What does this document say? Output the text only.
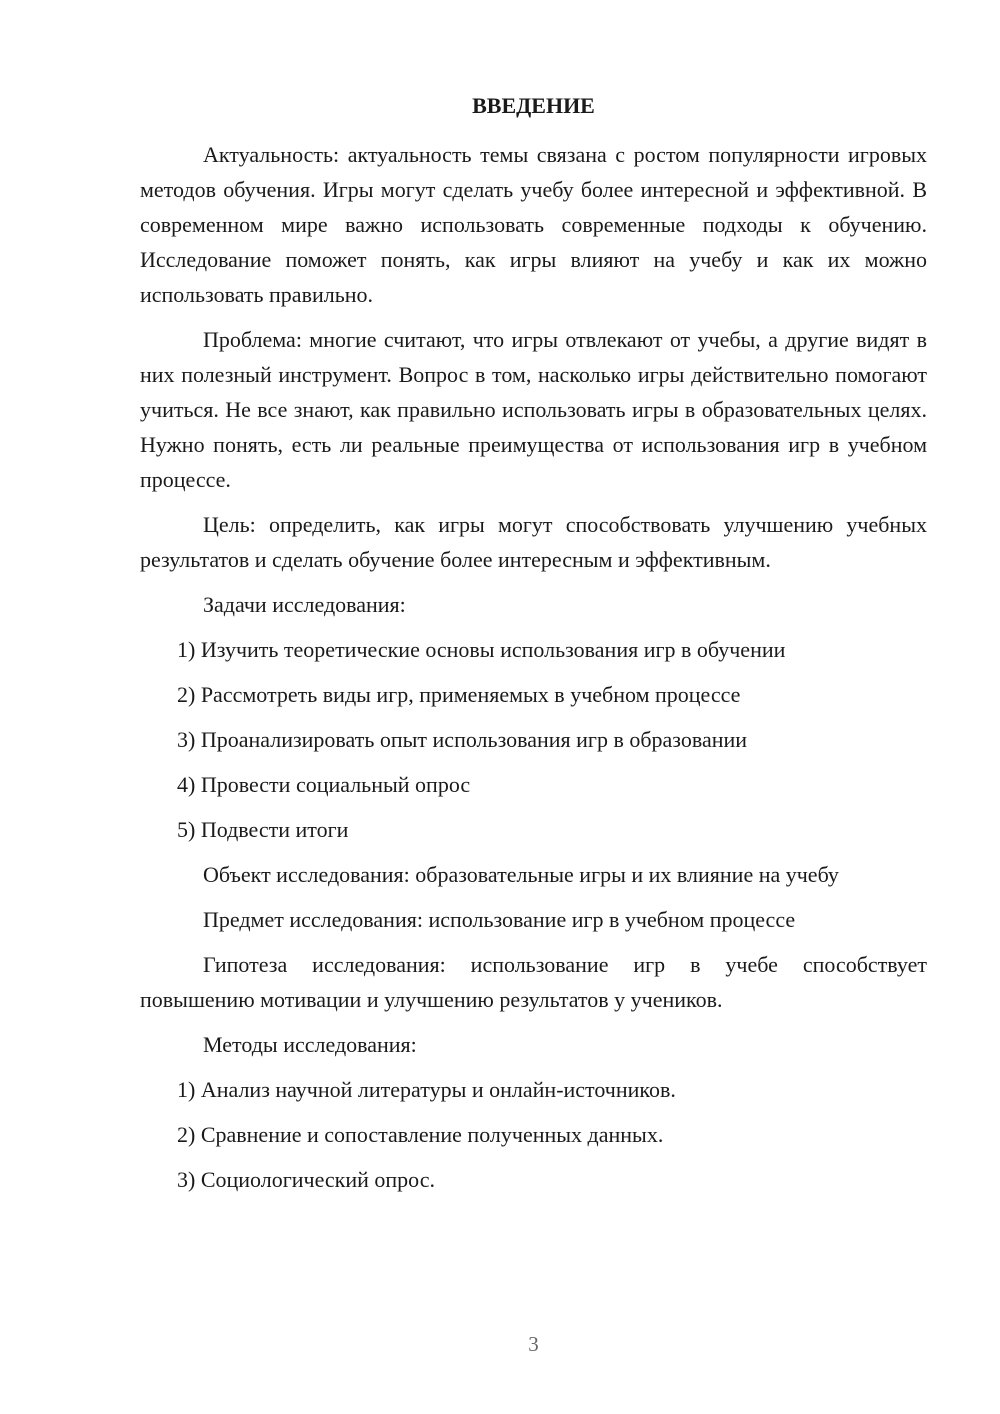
ВВЕДЕНИЕ

Актуальность: актуальность темы связана с ростом популярности игровых методов обучения. Игры могут сделать учебу более интересной и эффективной. В современном мире важно использовать современные подходы к обучению. Исследование поможет понять, как игры влияют на учебу и как их можно использовать правильно.

Проблема: многие считают, что игры отвлекают от учебы, а другие видят в них полезный инструмент. Вопрос в том, насколько игры действительно помогают учиться. Не все знают, как правильно использовать игры в образовательных целях. Нужно понять, есть ли реальные преимущества от использования игр в учебном процессе.

Цель: определить, как игры могут способствовать улучшению учебных результатов и сделать обучение более интересным и эффективным.

Задачи исследования:

1) Изучить теоретические основы использования игр в обучении

2) Рассмотреть виды игр, применяемых в учебном процессе

3) Проанализировать опыт использования игр в образовании

4) Провести социальный опрос

5) Подвести итоги

Объект исследования: образовательные игры и их влияние на учебу

Предмет исследования: использование игр в учебном процессе

Гипотеза исследования: использование игр в учебе способствует повышению мотивации и улучшению результатов у учеников.

Методы исследования:

1) Анализ научной литературы и онлайн-источников.

2) Сравнение и сопоставление полученных данных.

3) Социологический опрос.

3
